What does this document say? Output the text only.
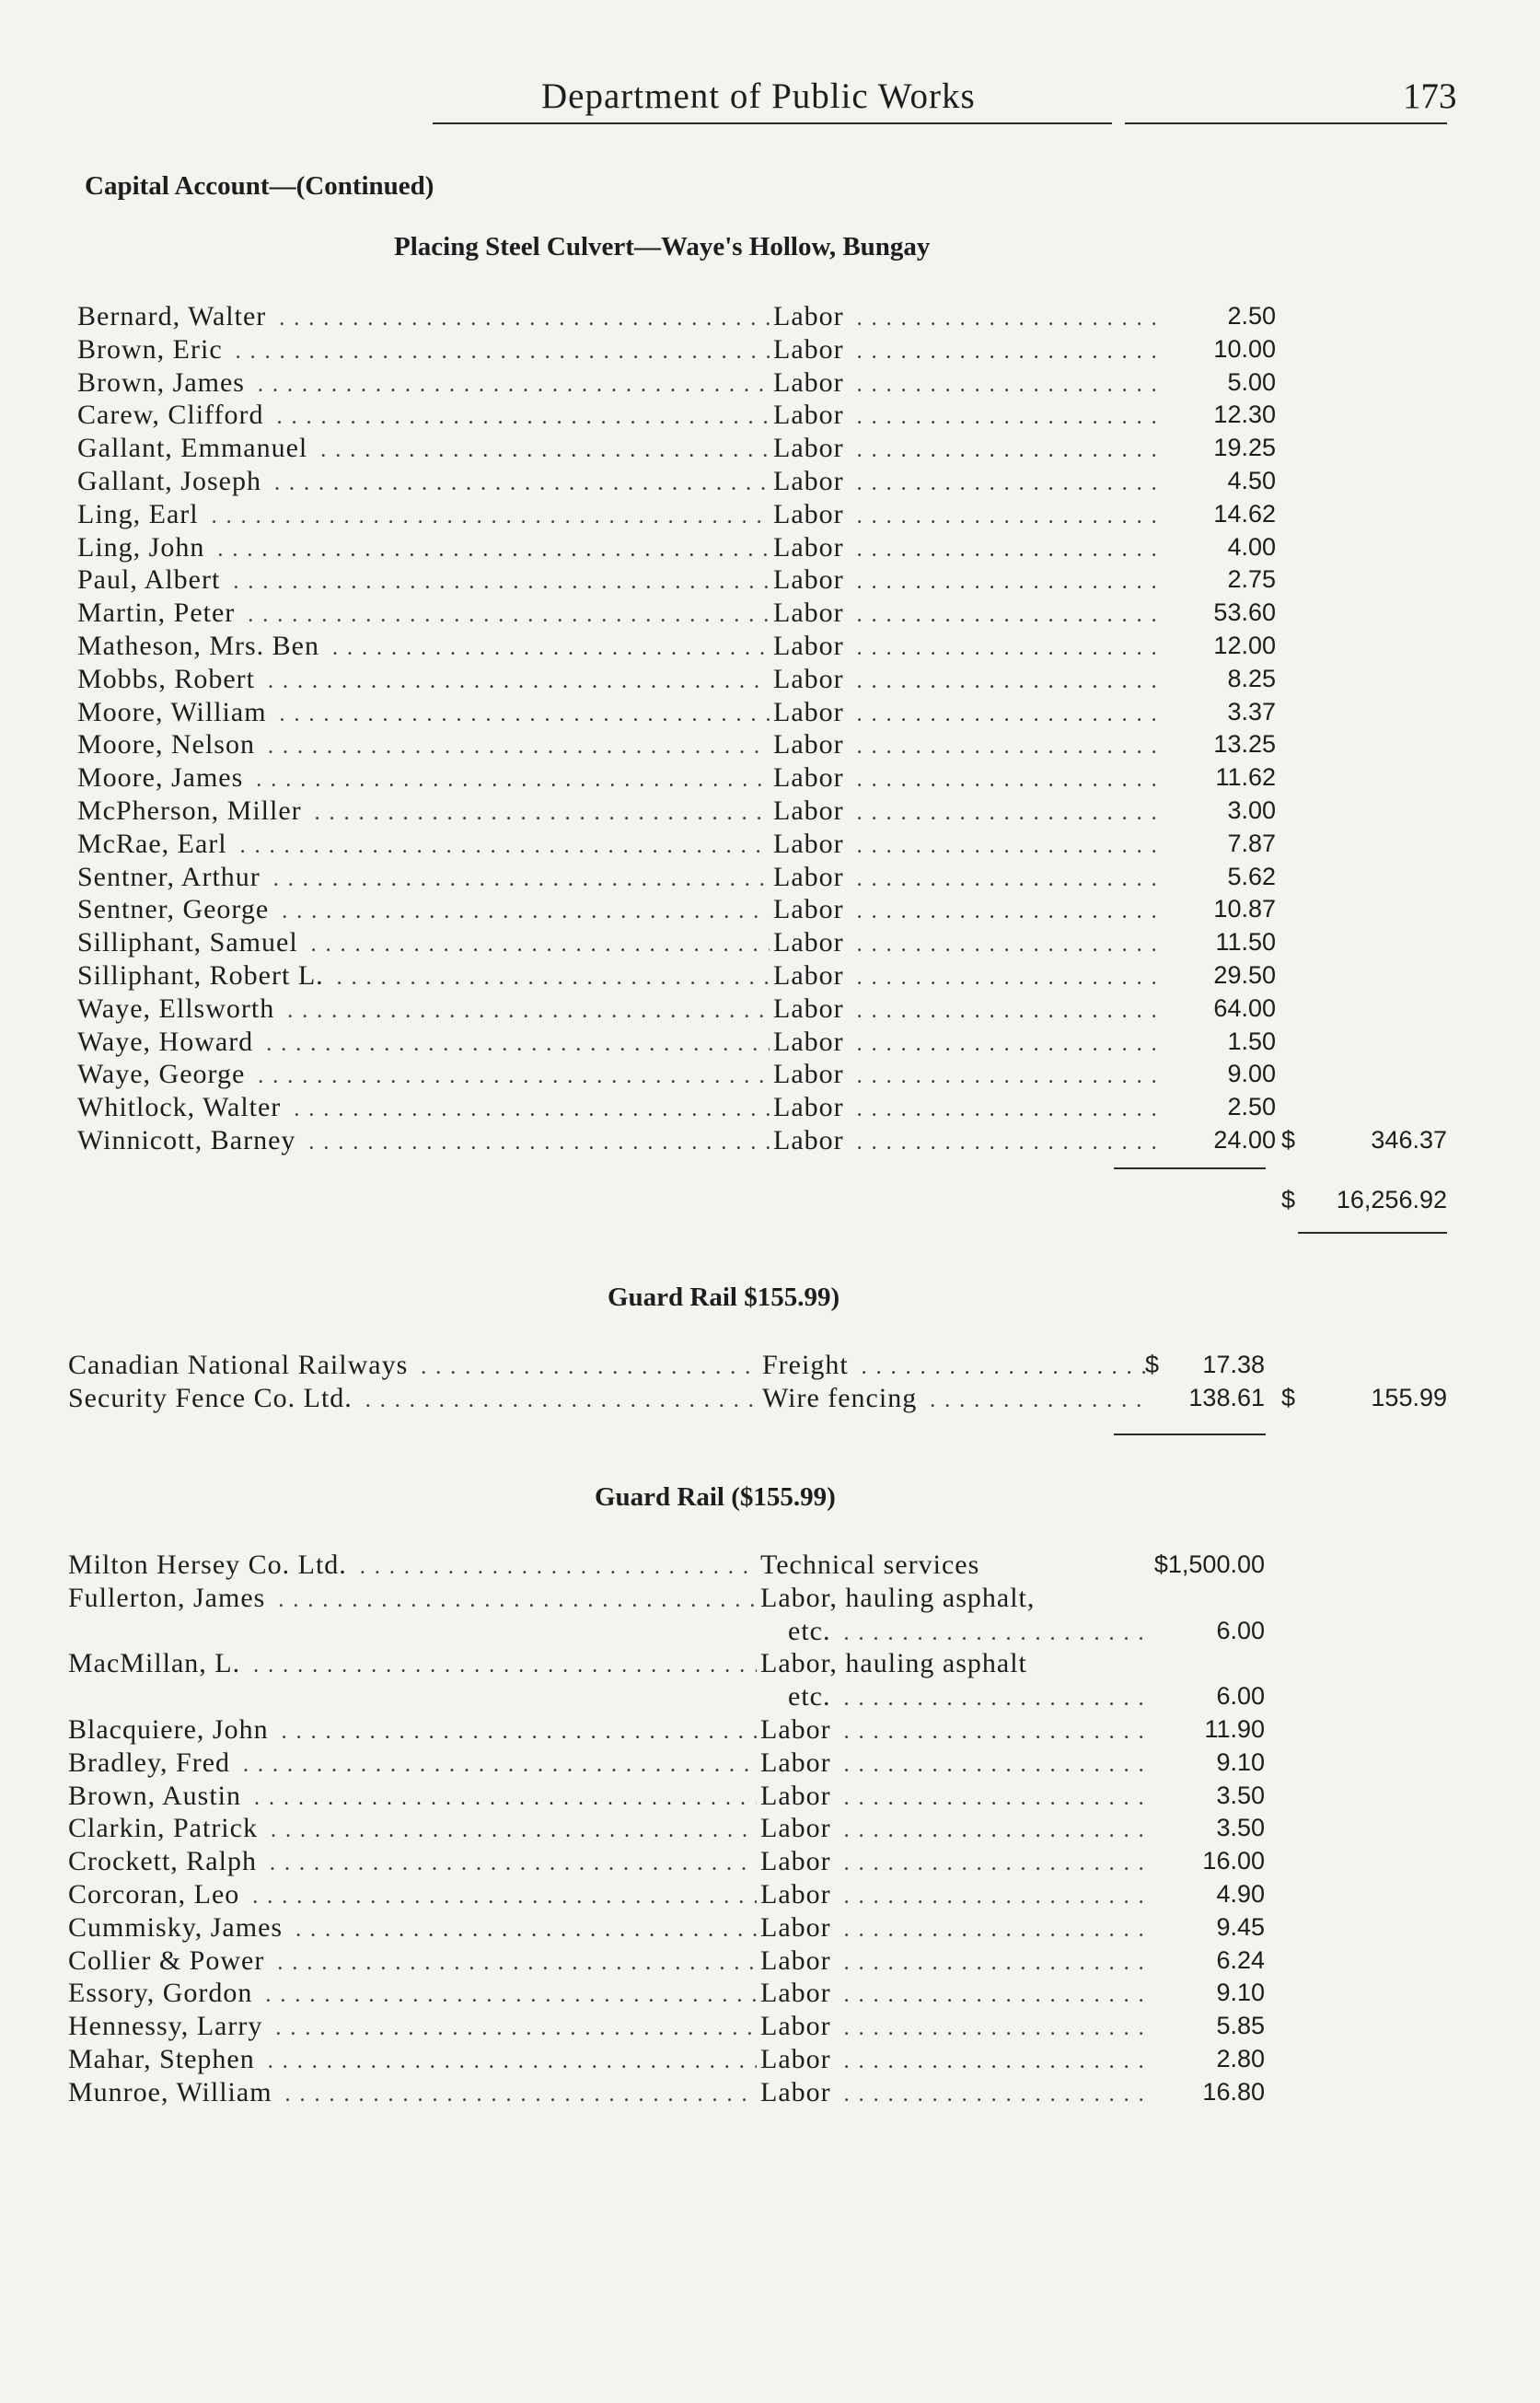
Department of Public Works	173
Capital Account—(Continued)
Placing Steel Culvert—Waye's Hollow, Bungay
Bernard, Walter . . .	Labor . . .	2.50
Brown, Eric . . .	Labor . . .	10.00
Brown, James . . .	Labor . . .	5.00
Carew, Clifford . . .	Labor . . .	12.30
Gallant, Emmanuel . . .	Labor . . .	19.25
Gallant, Joseph . . .	Labor . . .	4.50
Ling, Earl . . .	Labor . . .	14.62
Ling, John . . .	Labor . . .	4.00
Paul, Albert . . .	Labor . . .	2.75
Martin, Peter . . .	Labor . . .	53.60
Matheson, Mrs. Ben . . .	Labor . . .	12.00
Mobbs, Robert . . .	Labor . . .	8.25
Moore, William . . .	Labor . . .	3.37
Moore, Nelson . . .	Labor . . .	13.25
Moore, James . . .	Labor . . .	11.62
McPherson, Miller . . .	Labor . . .	3.00
McRae, Earl . . .	Labor . . .	7.87
Sentner, Arthur . . .	Labor . . .	5.62
Sentner, George . . .	Labor . . .	10.87
Silliphant, Samuel . . .	Labor . . .	11.50
Silliphant, Robert L. . . .	Labor . . .	29.50
Waye, Ellsworth . . .	Labor . . .	64.00
Waye, Howard . . .	Labor . . .	1.50
Waye, George . . .	Labor . . .	9.00
Whitlock, Walter . . .	Labor . . .	2.50
Winnicott, Barney . . .	Labor . . .	24.00 $	346.37
$	16,256.92
Guard Rail $155.99)
Canadian National Railways . . .	Freight . . .	$	17.38
Security Fence Co. Ltd. . . .	Wire fencing . . .	138.61 $	155.99
Guard Rail ($155.99)
Milton Hersey Co. Ltd. . . .	Technical services	$1,500.00
Fullerton, James . . .	Labor, hauling asphalt,
etc. . . .	6.00
MacMillan, L. . . .	Labor, hauling asphalt
etc. . . .	6.00
Blacquiere, John . . .	Labor . . .	11.90
Bradley, Fred . . .	Labor . . .	9.10
Brown, Austin . . .	Labor . . .	3.50
Clarkin, Patrick . . .	Labor . . .	3.50
Crockett, Ralph . . .	Labor . . .	16.00
Corcoran, Leo . . .	Labor . . .	4.90
Cummisky, James . . .	Labor . . .	9.45
Collier & Power . . .	Labor . . .	6.24
Essory, Gordon . . .	Labor . . .	9.10
Hennessy, Larry . . .	Labor . . .	5.85
Mahar, Stephen . . .	Labor . . .	2.80
Munroe, William . . .	Labor . . .	16.80
